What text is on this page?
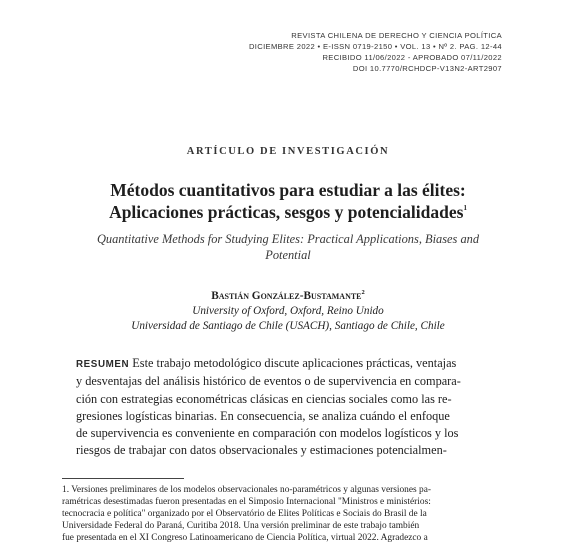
REVISTA CHILENA DE DERECHO Y CIENCIA POLÍTICA
DICIEMBRE 2022 • E-ISSN 0719-2150 • VOL. 13 • Nº 2. PAG. 12-44
RECIBIDO 11/06/2022 - APROBADO 07/11/2022
DOI 10.7770/RCHDCP-V13N2-ART2907
ARTÍCULO DE INVESTIGACIÓN
Métodos cuantitativos para estudiar a las élites:
Aplicaciones prácticas, sesgos y potencialidades$^1$
Quantitative Methods for Studying Elites: Practical Applications, Biases and
Potential
Bastián González-Bustamante$^2$
University of Oxford, Oxford, Reino Unido
Universidad de Santiago de Chile (USACH), Santiago de Chile, Chile
RESUMEN Este trabajo metodológico discute aplicaciones prácticas, ventajas
y desventajas del análisis histórico de eventos o de supervivencia en compara-
ción con estrategias econométricas clásicas en ciencias sociales como las re-
gresiones logísticas binarias. En consecuencia, se analiza cuándo el enfoque
de supervivencia es conveniente en comparación con modelos logísticos y los
riesgos de trabajar con datos observacionales y estimaciones potencialmen-
1. Versiones preliminares de los modelos observacionales no-paramétricos y algunas versiones pa-
ramétricas desestimadas fueron presentadas en el Simposio Internacional "Ministros e ministérios:
tecnocracia e política" organizado por el Observatório de Elites Políticas e Sociais do Brasil de la
Universidade Federal do Paraná, Curitiba 2018. Una versión preliminar de este trabajo también
fue presentada en el XI Congreso Latinoamericano de Ciencia Política, virtual 2022. Agradezco a
